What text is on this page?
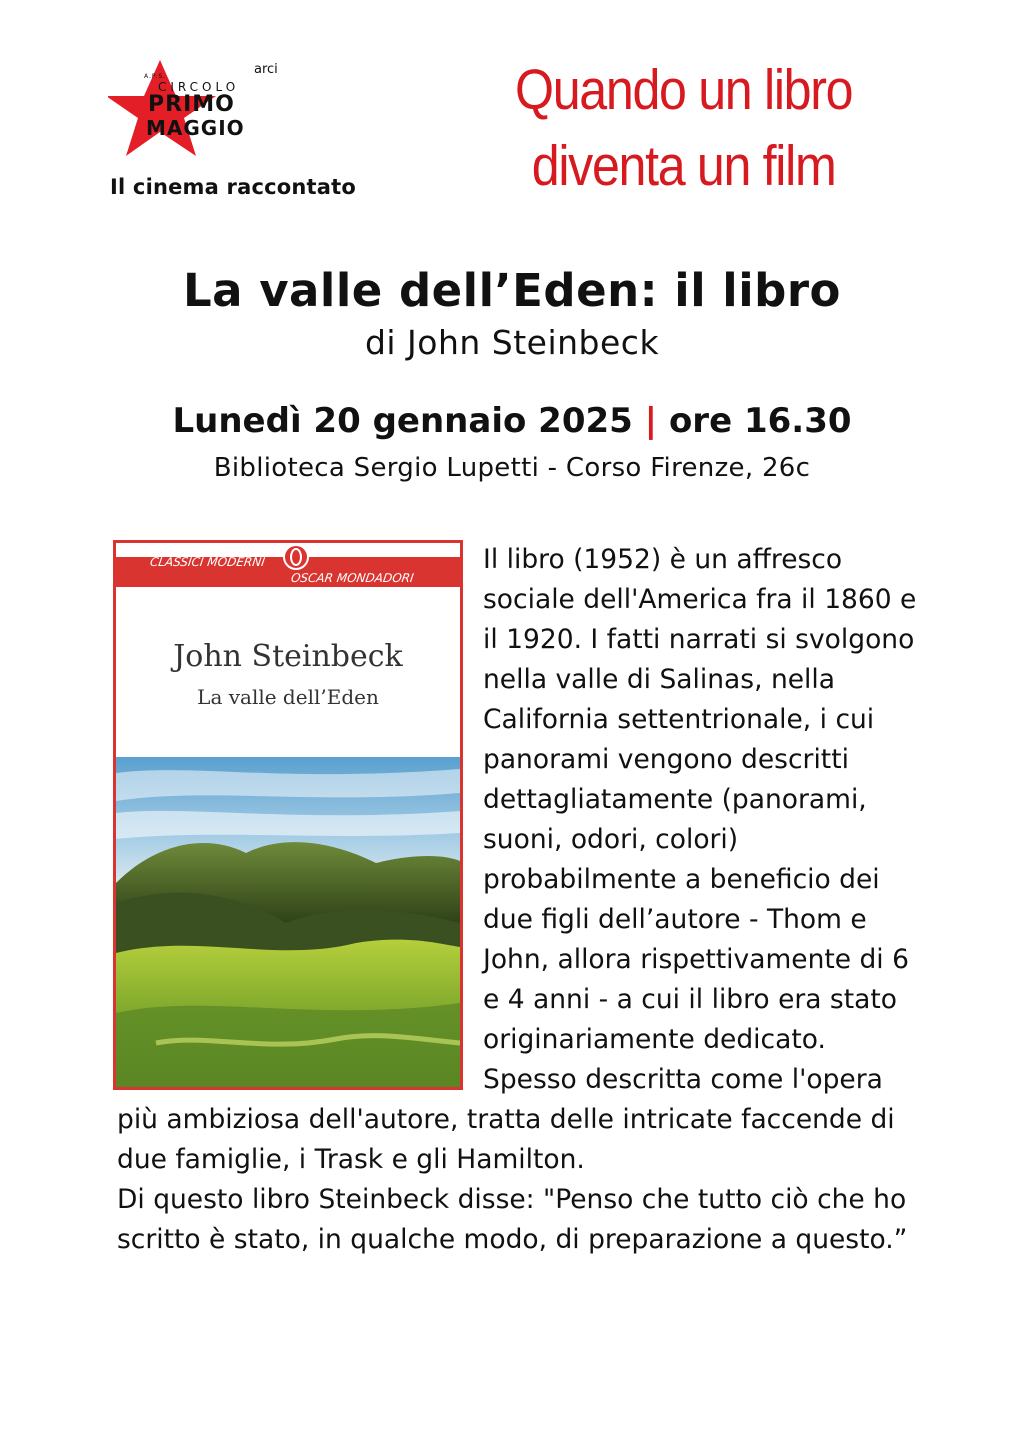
A.P.S.
CIRCOLO
PRIMO
MAGGIO
arci
Il cinema raccontato
Quando un libro
diventa un film
La valle dell’Eden: il libro
di John Steinbeck
Lunedì 20 gennaio 2025 | ore 16.30
Biblioteca Sergio Lupetti - Corso Firenze, 26c
CLASSICI MODERNI
OSCAR MONDADORI
John Steinbeck
La valle dell’Eden

Il libro (1952) è un affresco sociale dell'America fra il 1860 e il 1920. I fatti narrati si svolgono nella valle di Salinas, nella California settentrionale, i cui panorami vengono descritti dettagliatamente (panorami, suoni, odori, colori) probabilmente a beneficio dei due figli dell’autore - Thom e John, allora rispettivamente di 6 e 4 anni - a cui il libro era stato originariamente dedicato. Spesso descritta come l'opera più ambiziosa dell'autore, tratta delle intricate faccende di due famiglie, i Trask e gli Hamilton.

Di questo libro Steinbeck disse: "Penso che tutto ciò che ho scritto è stato, in qualche modo, di preparazione a questo.”
